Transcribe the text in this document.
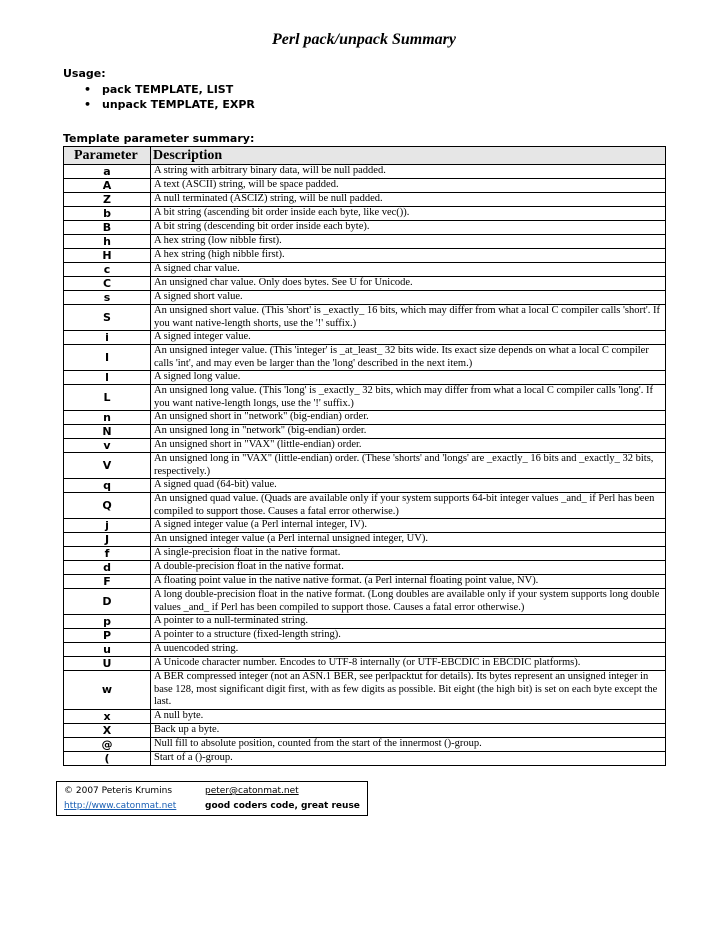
Perl pack/unpack Summary
Usage:
• pack TEMPLATE, LIST
• unpack TEMPLATE, EXPR
Template parameter summary:
Parameter	Description
a	A string with arbitrary binary data, will be null padded.
A	A text (ASCII) string, will be space padded.
Z	A null terminated (ASCIZ) string, will be null padded.
b	A bit string (ascending bit order inside each byte, like vec()).
B	A bit string (descending bit order inside each byte).
h	A hex string (low nibble first).
H	A hex string (high nibble first).
c	A signed char value.
C	An unsigned char value. Only does bytes. See U for Unicode.
s	A signed short value.
S	An unsigned short value. (This 'short' is _exactly_ 16 bits, which may differ from what a local C compiler calls 'short'. If you want native-length shorts, use the '!' suffix.)
i	A signed integer value.
I	An unsigned integer value. (This 'integer' is _at_least_ 32 bits wide. Its exact size depends on what a local C compiler calls 'int', and may even be larger than the 'long' described in the next item.)
l	A signed long value.
L	An unsigned long value. (This 'long' is _exactly_ 32 bits, which may differ from what a local C compiler calls 'long'. If you want native-length longs, use the '!' suffix.)
n	An unsigned short in "network" (big-endian) order.
N	An unsigned long in "network" (big-endian) order.
v	An unsigned short in "VAX" (little-endian) order.
V	An unsigned long in "VAX" (little-endian) order. (These 'shorts' and 'longs' are _exactly_ 16 bits and _exactly_ 32 bits, respectively.)
q	A signed quad (64-bit) value.
Q	An unsigned quad value. (Quads are available only if your system supports 64-bit integer values _and_ if Perl has been compiled to support those. Causes a fatal error otherwise.)
j	A signed integer value (a Perl internal integer, IV).
J	An unsigned integer value (a Perl internal unsigned integer, UV).
f	A single-precision float in the native format.
d	A double-precision float in the native format.
F	A floating point value in the native native format. (a Perl internal floating point value, NV).
D	A long double-precision float in the native format. (Long doubles are available only if your system supports long double values _and_ if Perl has been compiled to support those. Causes a fatal error otherwise.)
p	A pointer to a null-terminated string.
P	A pointer to a structure (fixed-length string).
u	A uuencoded string.
U	A Unicode character number. Encodes to UTF-8 internally (or UTF-EBCDIC in EBCDIC platforms).
w	A BER compressed integer (not an ASN.1 BER, see perlpacktut for details). Its bytes represent an unsigned integer in base 128, most significant digit first, with as few digits as possible. Bit eight (the high bit) is set on each byte except the last.
x	A null byte.
X	Back up a byte.
@	Null fill to absolute position, counted from the start of the innermost ()-group.
(	Start of a ()-group.
© 2007 Peteris Krumins	peter@catonmat.net
http://www.catonmat.net	good coders code, great reuse
